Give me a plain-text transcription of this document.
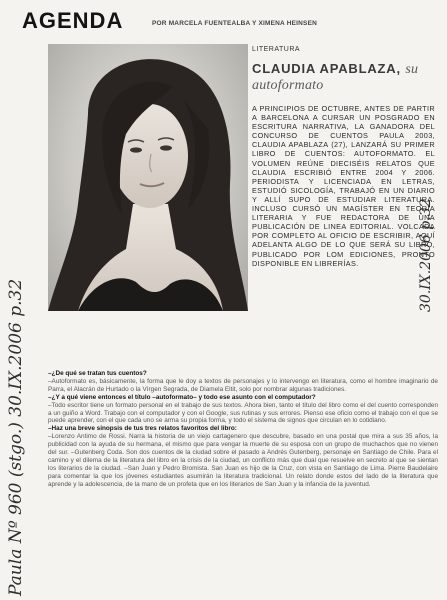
AGENDA	POR MARCELA FUENTEALBA Y XIMENA HEINSEN
LITERATURA
CLAUDIA APABLAZA, su autoformato
A PRINCIPIOS DE OCTUBRE, ANTES DE PARTIR A BARCELONA A CURSAR UN POSGRADO EN ESCRITURA NARRATIVA, LA GANADORA DEL CONCURSO DE CUENTOS PAULA 2003, CLAUDIA APABLAZA (27), LANZARÁ SU PRIMER LIBRO DE CUENTOS: AUTOFORMATO. EL VOLUMEN REÚNE DIECISÉIS RELATOS QUE CLAUDIA ESCRIBIÓ ENTRE 2004 Y 2006. PERIODISTA Y LICENCIADA EN LETRAS, ESTUDIÓ SICOLOGÍA, TRABAJÓ EN UN DIARIO Y ALLÍ SUPO DE ESTUDIAR LITERATURA. INCLUSO CURSÓ UN MAGÍSTER EN TEORÍA LITERARIA Y FUE REDACTORA DE UNA PUBLICACIÓN DE LINEA EDITORIAL. VOLCADA POR COMPLETO AL OFICIO DE ESCRIBIR, AQUÍ ADELANTA ALGO DE LO QUE SERÁ SU LIBRO, PUBLICADO POR LOM EDICIONES, PRONTO DISPONIBLE EN LIBRERÍAS.

–¿De qué se tratan tus cuentos?

–Autoformato es, básicamente, la forma que le doy a textos de personajes y lo intervengo en literatura, como el hombre imaginario de Parra, el Alacrán de Hurtado o la Vírgen Segrada, de Diamela Eltit, solo por nombrar algunas tradiciones.

–¿Y a qué viene entonces el título –autoformato– y todo ese asunto con el computador?

–Todo escritor tiene un formato personal en el trabajo de sus textos. Ahora bien, tanto el título del libro como el del cuento corresponden a un guiño a Word. Trabajo con el computador y con el Google, sus rutinas y sus errores. Pienso ese oficio como el trabajo con el que se puede aprender, con el que cada uno se arma su propia forma, y todo el sistema de signos que circulan en lo cotidiano.

–Haz una breve sinopsis de tus tres relatos favoritos del libro:

–Lorenzo Antimo de Rossi. Narra la historia de un viejo cartagenero que descubre, basado en una postal que mira a sus 35 años, la publicidad con la ayuda de su hermana, el mismo que para vengar la muerte de su esposa con un grupo de muchachos que no vienen del sur. –Gutenberg Coda. Son dos cuentos de la ciudad sobre el pasado a Andrés Gutenberg, personaje en Santiago de Chile. Para el camino y el dilema de la literatura del libro en la crisis de la ciudad, un conflicto más que dual que resuelve en secreto al que se sientan los literarios de la ciudad. –San Juan y Pedro Bromista. San Juan es hijo de la Cruz, con vista en Santiago de Lima. Pierre Baudelaire para comentar la que los jóvenes estudiantes asumirán la literatura tradicional. Un relato donde estos del lado de la literatura que aprende y la adolescencia, de la mano de un profeta que en los literarios de San Juan y la infancia de la juventud.

Paula Nº 960 (stgo.) 30.IX.2006 p.32
30.IX.2006 p.32
